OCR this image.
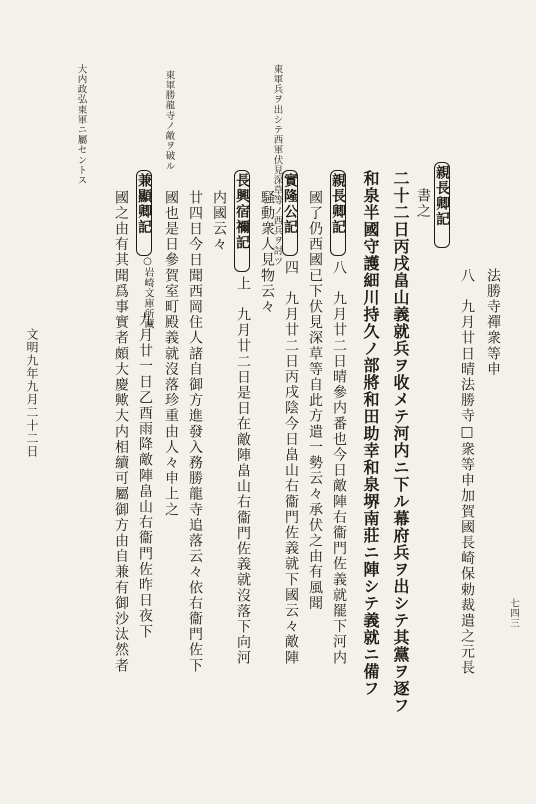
七四三
文明九年九月二十二日
法勝寺禪衆等申
八　九月廿日晴法勝寺□衆等申加賀國長崎保勅裁遣之元長
親長卿記
書之
二十二日丙戌畠山義就兵ヲ收メテ河内ニ下ル幕府兵ヲ出シテ其黨ヲ逐フ
和泉半國守護細川持久ノ部將和田助幸和泉堺南莊ニ陣シテ義就ニ備フ
親長卿記
八　九月廿二日晴參内番也今日敵陣右衞門佐義就罷下河内
國了仍西國已下伏見深草等自此方遣一勢云々承伏之由有風聞
實隆公記
四　九月廿二日丙戌陰今日畠山右衞門佐義就下國云々敵陣
騒動衆人見物云々
長興宿禰記
上　九月廿二日是日在敵陣畠山右衞門佐義就沒落下向河
内國云々
廿四日今日聞西岡住人諸自御方進發入務勝龍寺追落云々依右衞門佐下
國也是日參賀室町殿義就沒落珍重由人々申上之
兼顯卿記
○岩崎文庫所藏
九月廿一日乙酉雨降敵陣畠山右衞門佐昨日夜下
國之由有其聞爲事實者頗大慶歟大内相續可屬御方由自兼有御沙汰然者
東軍兵ヲ出シテ西軍伏見深草等ノ西兵ヲ討ツ
東軍勝龍寺ノ敵ヲ破ル
大内政弘東軍ニ屬セントス
